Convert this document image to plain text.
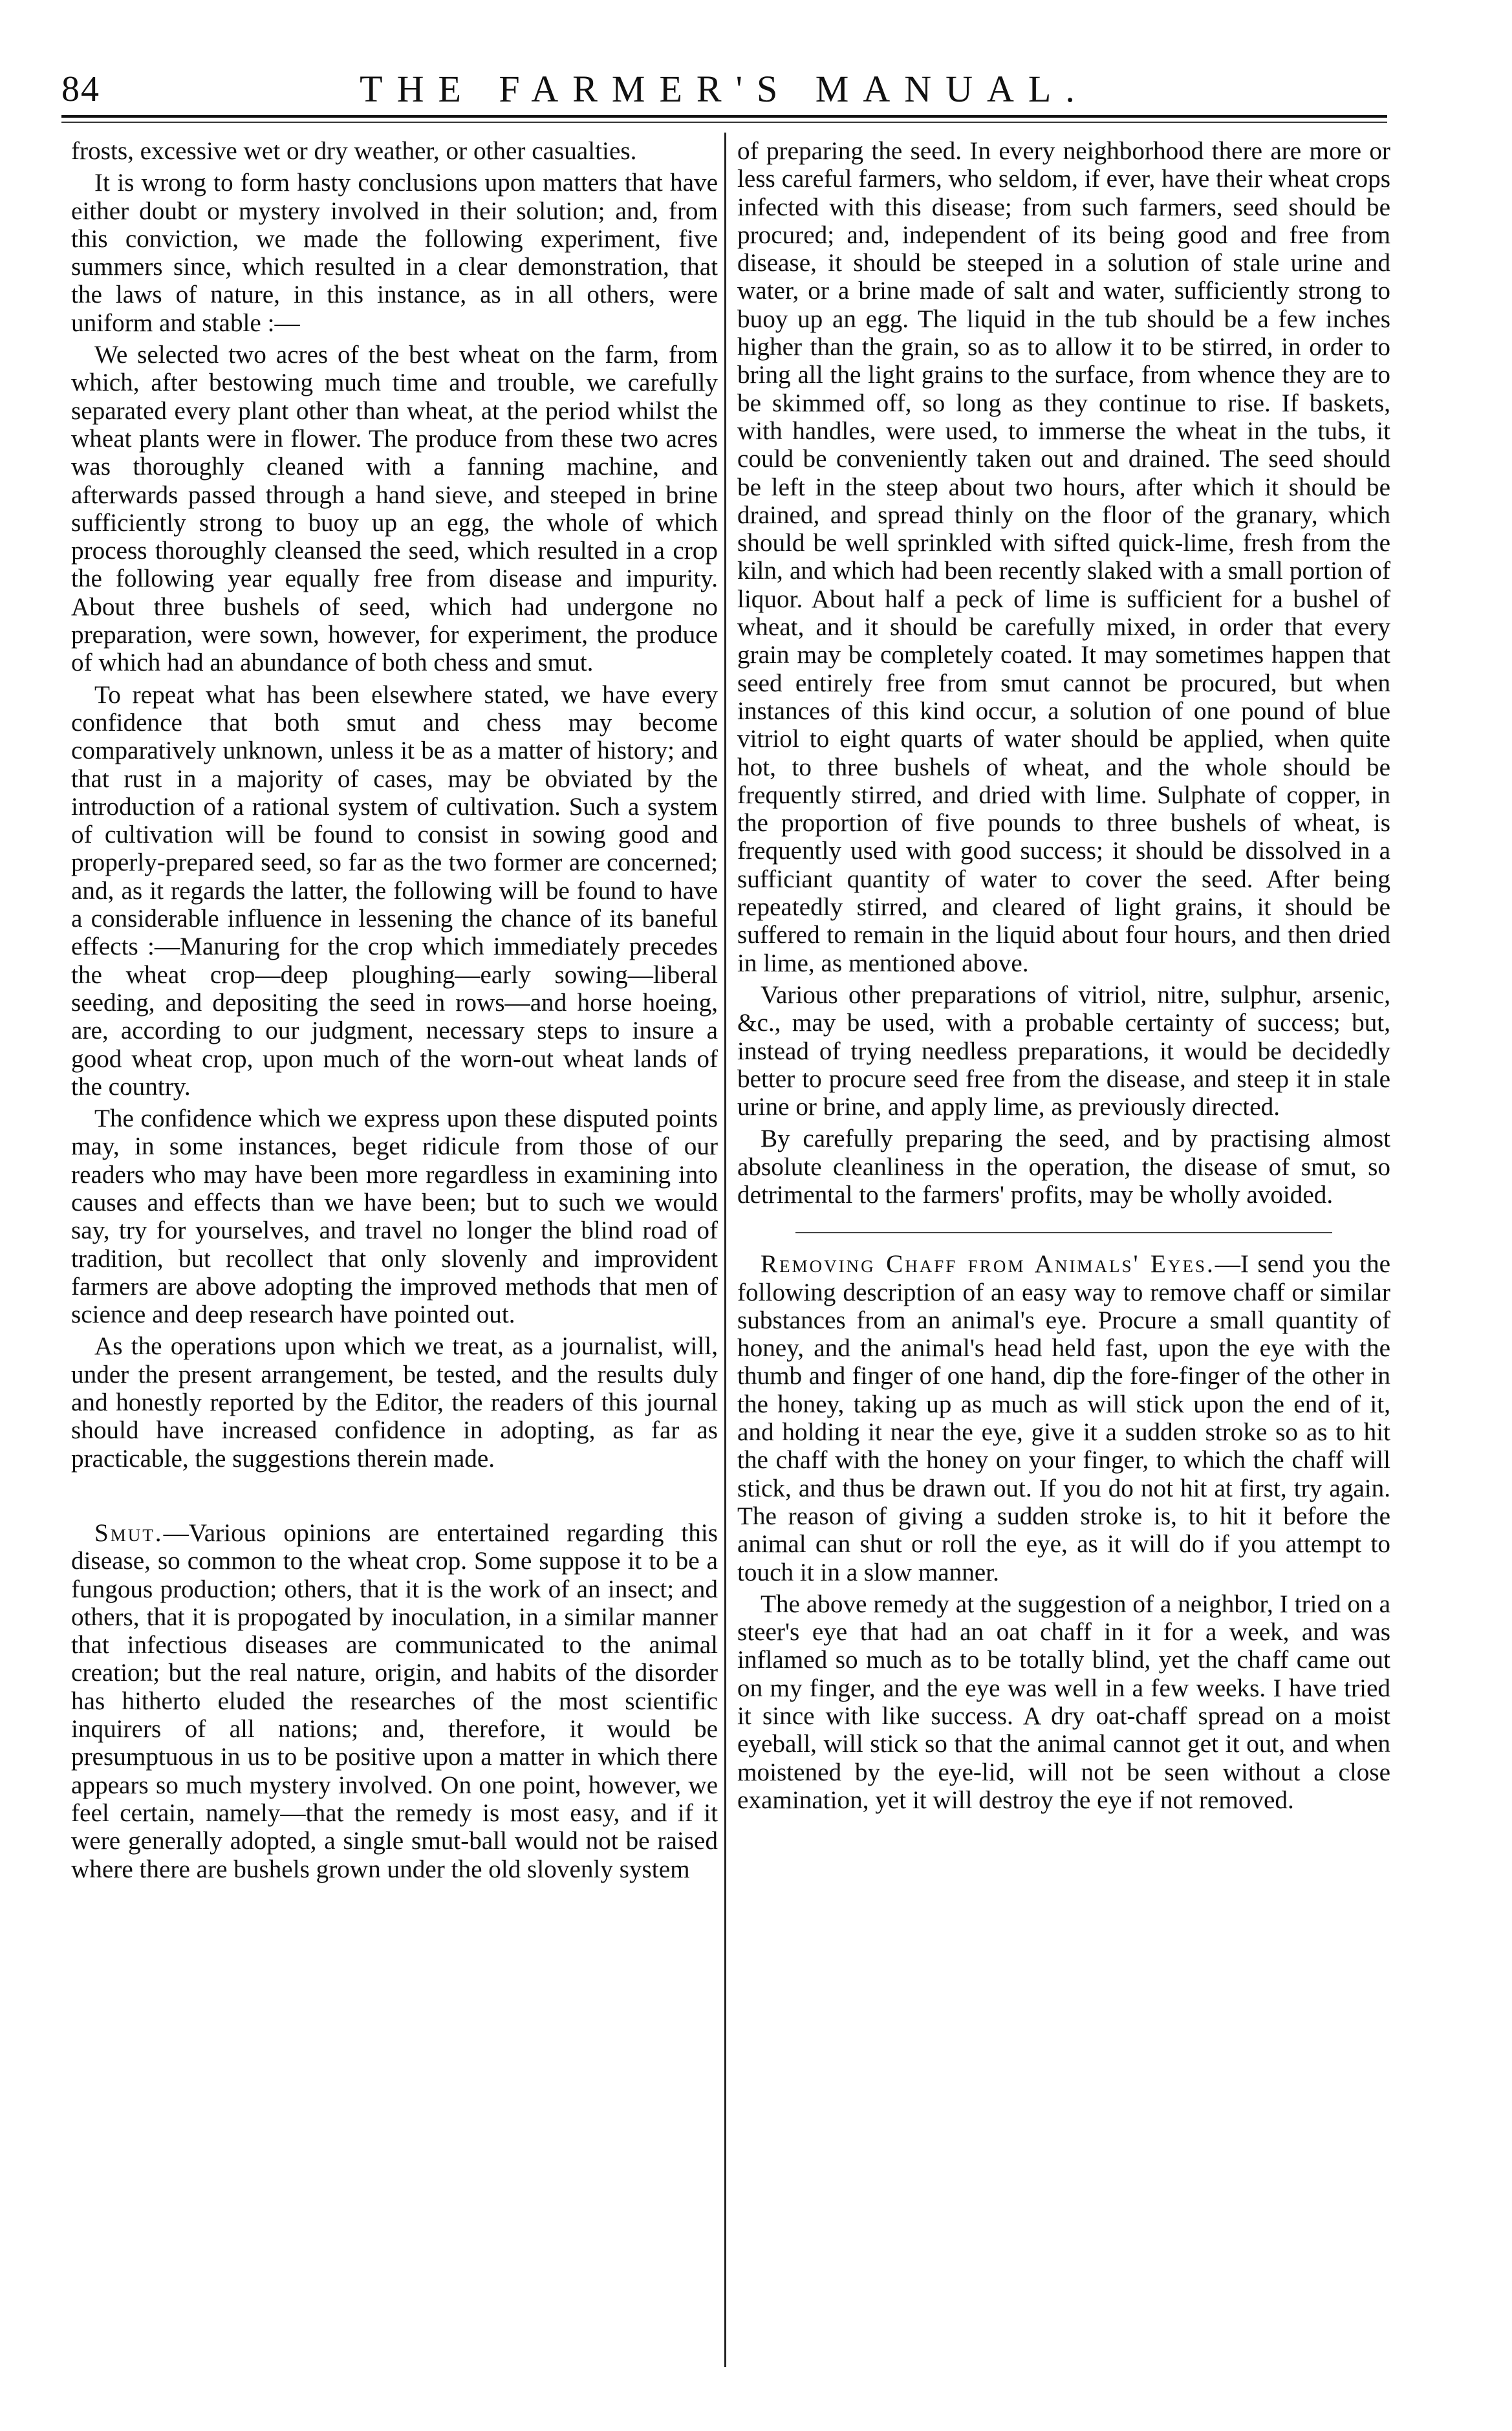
84	THE FARMER'S MANUAL.

frosts, excessive wet or dry weather, or other casualties.

It is wrong to form hasty conclusions upon matters that have either doubt or mystery involved in their solution; and, from this conviction, we made the following experiment, five summers since, which resulted in a clear demonstration, that the laws of nature, in this instance, as in all others, were uniform and stable :—

We selected two acres of the best wheat on the farm, from which, after bestowing much time and trouble, we carefully separated every plant other than wheat, at the period whilst the wheat plants were in flower. The produce from these two acres was thoroughly cleaned with a fanning machine, and afterwards passed through a hand sieve, and steeped in brine sufficiently strong to buoy up an egg, the whole of which process thoroughly cleansed the seed, which resulted in a crop the following year equally free from disease and impurity. About three bushels of seed, which had undergone no preparation, were sown, however, for experiment, the produce of which had an abundance of both chess and smut.

To repeat what has been elsewhere stated, we have every confidence that both smut and chess may become comparatively unknown, unless it be as a matter of history; and that rust in a majority of cases, may be obviated by the introduction of a rational system of cultivation. Such a system of cultivation will be found to consist in sowing good and properly-prepared seed, so far as the two former are concerned; and, as it regards the latter, the following will be found to have a considerable influence in lessening the chance of its baneful effects :—Manuring for the crop which immediately precedes the wheat crop—deep ploughing—early sowing—liberal seeding, and depositing the seed in rows—and horse hoeing, are, according to our judgment, necessary steps to insure a good wheat crop, upon much of the worn-out wheat lands of the country.

The confidence which we express upon these disputed points may, in some instances, beget ridicule from those of our readers who may have been more regardless in examining into causes and effects than we have been; but to such we would say, try for yourselves, and travel no longer the blind road of tradition, but recollect that only slovenly and improvident farmers are above adopting the improved methods that men of science and deep research have pointed out.

As the operations upon which we treat, as a journalist, will, under the present arrangement, be tested, and the results duly and honestly reported by the Editor, the readers of this journal should have increased confidence in adopting, as far as practicable, the suggestions therein made.

Smut.—Various opinions are entertained regarding this disease, so common to the wheat crop. Some suppose it to be a fungous production; others, that it is the work of an insect; and others, that it is propogated by inoculation, in a similar manner that infectious diseases are communicated to the animal creation; but the real nature, origin, and habits of the disorder has hitherto eluded the researches of the most scientific inquirers of all nations; and, therefore, it would be presumptuous in us to be positive upon a matter in which there appears so much mystery involved. On one point, however, we feel certain, namely—that the remedy is most easy, and if it were generally adopted, a single smut-ball would not be raised where there are bushels grown under the old slovenly system

of preparing the seed. In every neighborhood there are more or less careful farmers, who seldom, if ever, have their wheat crops infected with this disease; from such farmers, seed should be procured; and, independent of its being good and free from disease, it should be steeped in a solution of stale urine and water, or a brine made of salt and water, sufficiently strong to buoy up an egg. The liquid in the tub should be a few inches higher than the grain, so as to allow it to be stirred, in order to bring all the light grains to the surface, from whence they are to be skimmed off, so long as they continue to rise. If baskets, with handles, were used, to immerse the wheat in the tubs, it could be conveniently taken out and drained. The seed should be left in the steep about two hours, after which it should be drained, and spread thinly on the floor of the granary, which should be well sprinkled with sifted quick-lime, fresh from the kiln, and which had been recently slaked with a small portion of liquor. About half a peck of lime is sufficient for a bushel of wheat, and it should be carefully mixed, in order that every grain may be completely coated. It may sometimes happen that seed entirely free from smut cannot be procured, but when instances of this kind occur, a solution of one pound of blue vitriol to eight quarts of water should be applied, when quite hot, to three bushels of wheat, and the whole should be frequently stirred, and dried with lime. Sulphate of copper, in the proportion of five pounds to three bushels of wheat, is frequently used with good success; it should be dissolved in a sufficiant quantity of water to cover the seed. After being repeatedly stirred, and cleared of light grains, it should be suffered to remain in the liquid about four hours, and then dried in lime, as mentioned above.

Various other preparations of vitriol, nitre, sulphur, arsenic, &c., may be used, with a probable certainty of success; but, instead of trying needless preparations, it would be decidedly better to procure seed free from the disease, and steep it in stale urine or brine, and apply lime, as previously directed.

By carefully preparing the seed, and by practising almost absolute cleanliness in the operation, the disease of smut, so detrimental to the farmers' profits, may be wholly avoided.

Removing Chaff from Animals' Eyes.—I send you the following description of an easy way to remove chaff or similar substances from an animal's eye. Procure a small quantity of honey, and the animal's head held fast, upon the eye with the thumb and finger of one hand, dip the fore-finger of the other in the honey, taking up as much as will stick upon the end of it, and holding it near the eye, give it a sudden stroke so as to hit the chaff with the honey on your finger, to which the chaff will stick, and thus be drawn out. If you do not hit at first, try again. The reason of giving a sudden stroke is, to hit it before the animal can shut or roll the eye, as it will do if you attempt to touch it in a slow manner.

The above remedy at the suggestion of a neighbor, I tried on a steer's eye that had an oat chaff in it for a week, and was inflamed so much as to be totally blind, yet the chaff came out on my finger, and the eye was well in a few weeks. I have tried it since with like success. A dry oat-chaff spread on a moist eyeball, will stick so that the animal cannot get it out, and when moistened by the eye-lid, will not be seen without a close examination, yet it will destroy the eye if not removed.
